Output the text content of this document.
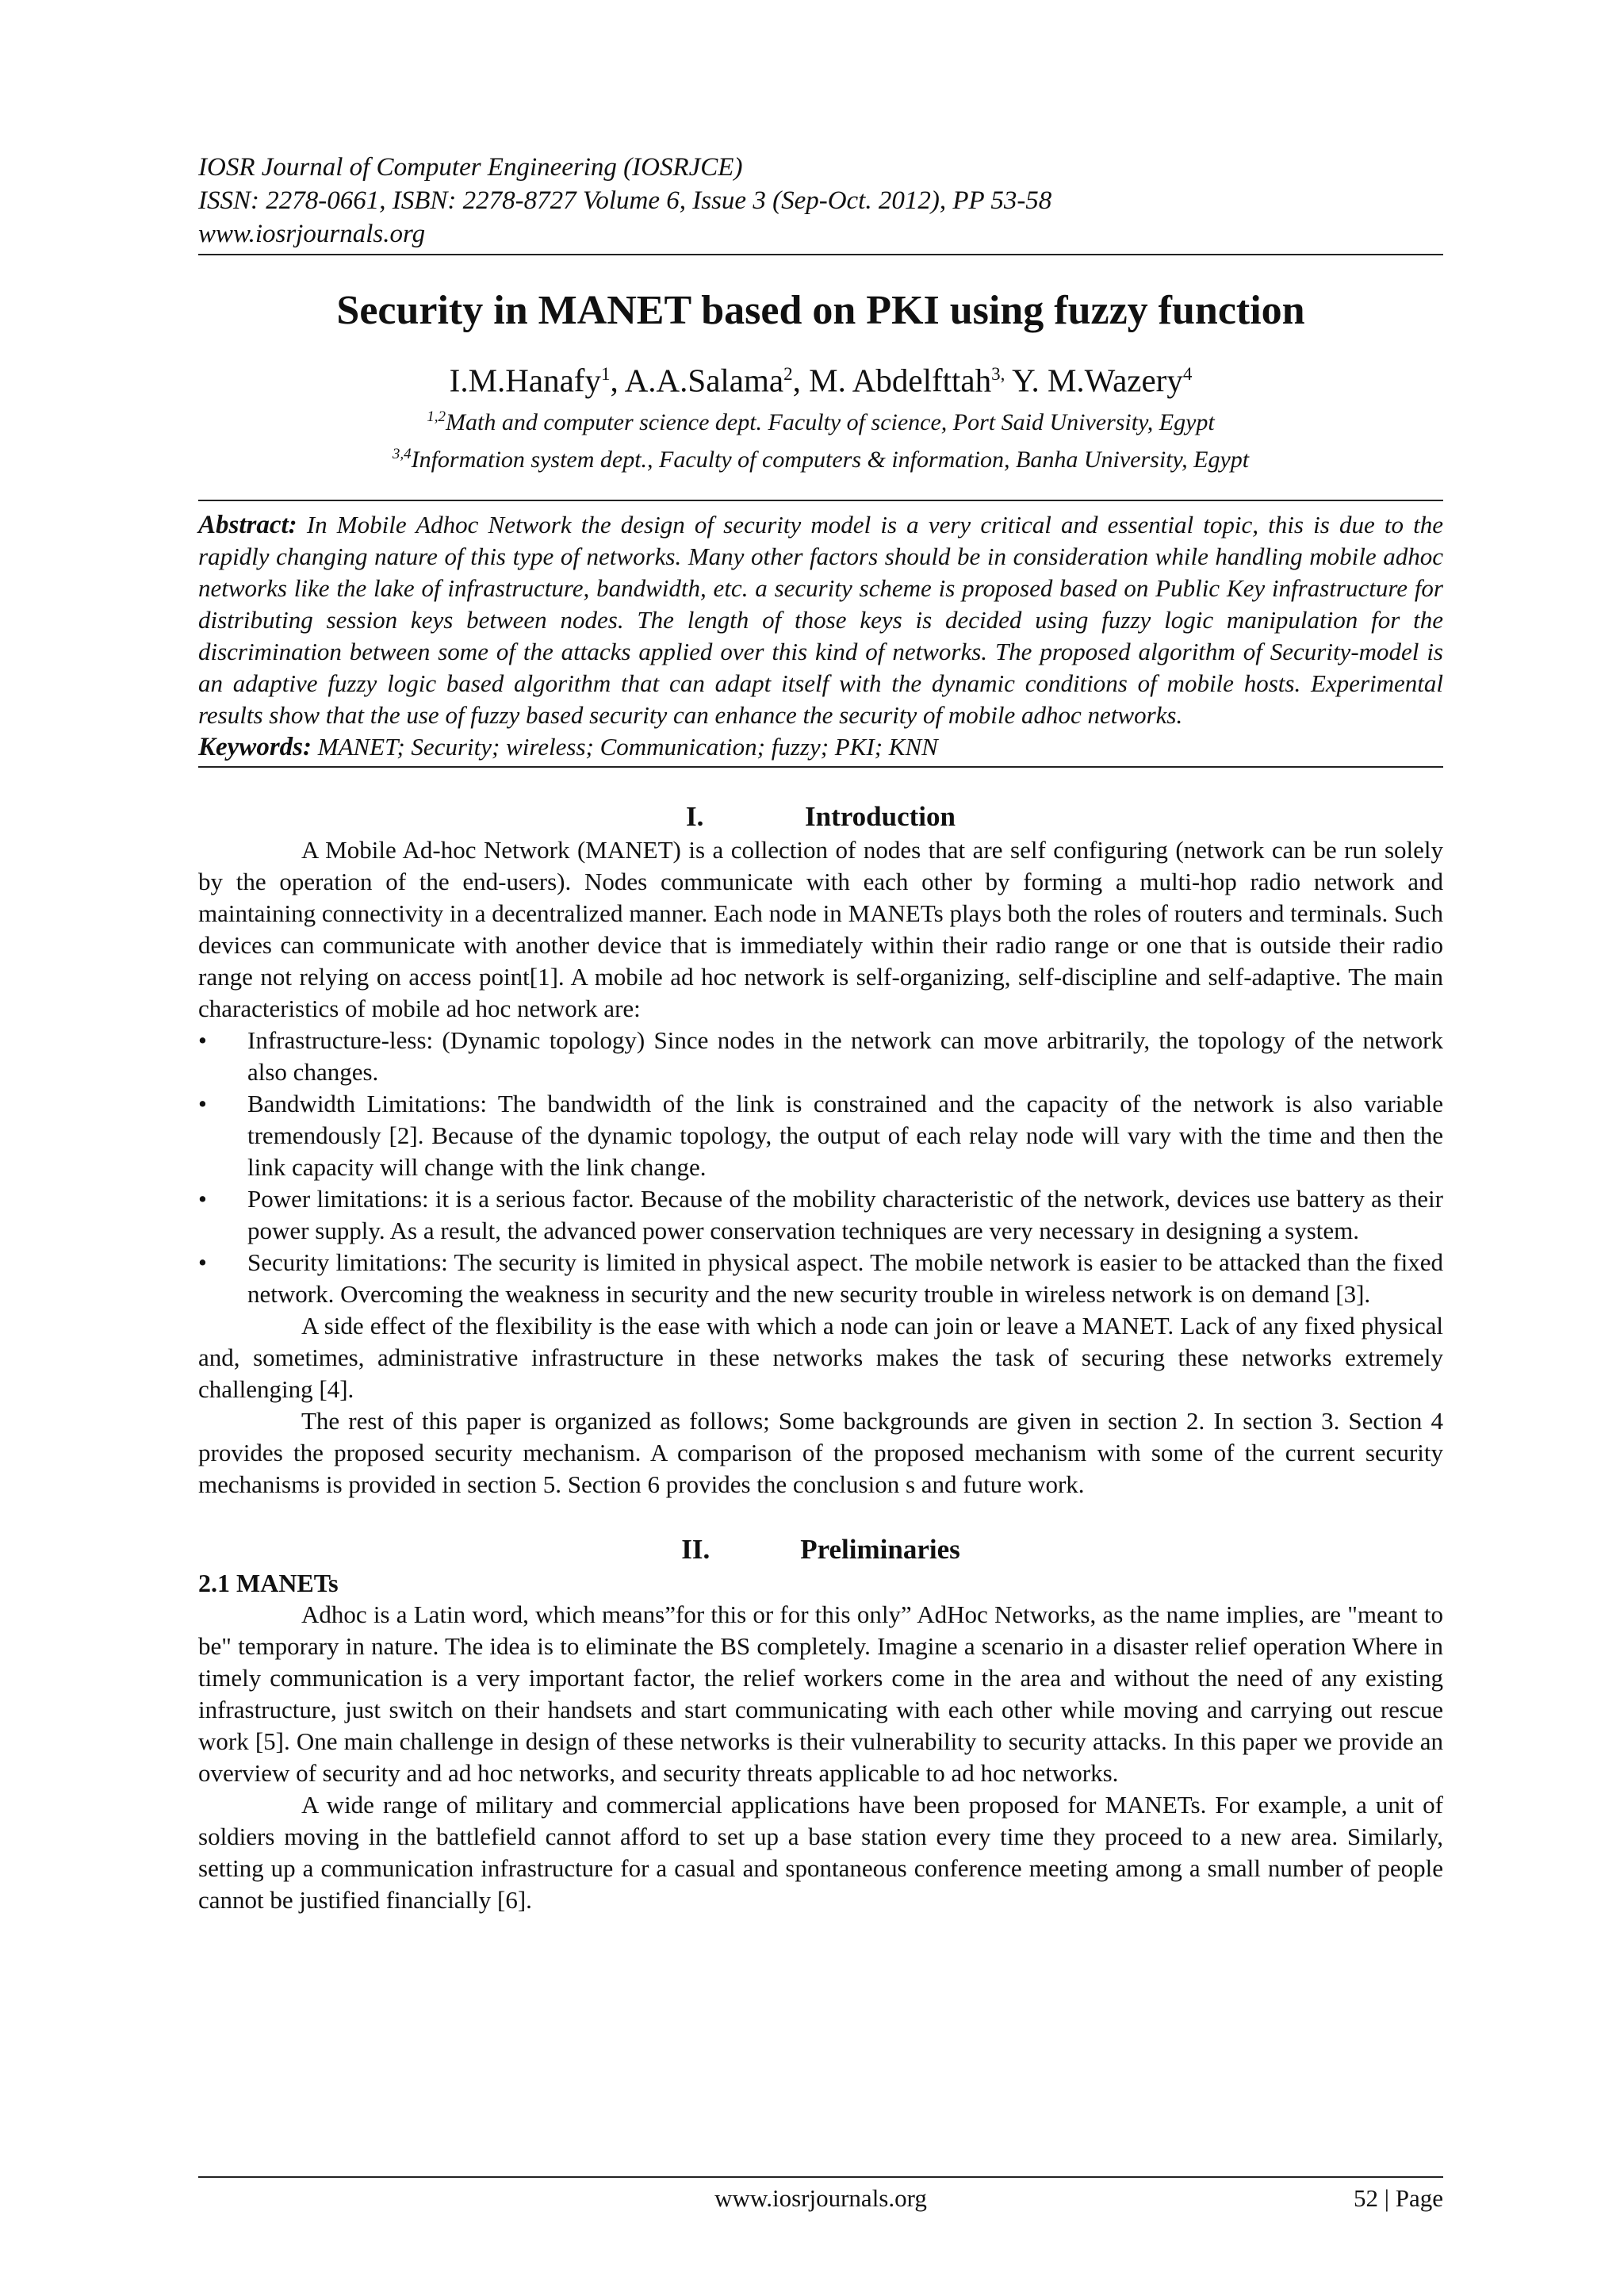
IOSR Journal of Computer Engineering (IOSRJCE)
ISSN: 2278-0661, ISBN: 2278-8727 Volume 6, Issue 3 (Sep-Oct. 2012), PP 53-58
www.iosrjournals.org
Security in MANET based on PKI using fuzzy function
I.M.Hanafy$^1$, A.A.Salama$^2$, M. Abdelfttah$^{3,}$ Y. M.Wazery$^4$
$^{1,2}$Math and computer science dept. Faculty of science, Port Said University, Egypt
$^{3,4}$Information system dept., Faculty of computers & information, Banha University, Egypt

Abstract: In Mobile Adhoc Network the design of security model is a very critical and essential topic, this is due to the rapidly changing nature of this type of networks. Many other factors should be in consideration while handling mobile adhoc networks like the lake of infrastructure, bandwidth, etc. a security scheme is proposed based on Public Key infrastructure for distributing session keys between nodes. The length of those keys is decided using fuzzy logic manipulation for the discrimination between some of the attacks applied over this kind of networks. The proposed algorithm of Security-model is an adaptive fuzzy logic based algorithm that can adapt itself with the dynamic conditions of mobile hosts. Experimental results show that the use of fuzzy based security can enhance the security of mobile adhoc networks.

Keywords: MANET; Security; wireless; Communication; fuzzy; PKI; KNN

I.	Introduction

A Mobile Ad-hoc Network (MANET) is a collection of nodes that are self configuring (network can be run solely by the operation of the end-users). Nodes communicate with each other by forming a multi-hop radio network and maintaining connectivity in a decentralized manner. Each node in MANETs plays both the roles of routers and terminals. Such devices can communicate with another device that is immediately within their radio range or one that is outside their radio range not relying on access point[1]. A mobile ad hoc network is self-organizing, self-discipline and self-adaptive. The main characteristics of mobile ad hoc network are:

• Infrastructure-less: (Dynamic topology) Since nodes in the network can move arbitrarily, the topology of the network also changes.
• Bandwidth Limitations: The bandwidth of the link is constrained and the capacity of the network is also variable tremendously [2]. Because of the dynamic topology, the output of each relay node will vary with the time and then the link capacity will change with the link change.
• Power limitations: it is a serious factor. Because of the mobility characteristic of the network, devices use battery as their power supply. As a result, the advanced power conservation techniques are very necessary in designing a system.
• Security limitations: The security is limited in physical aspect. The mobile network is easier to be attacked than the fixed network. Overcoming the weakness in security and the new security trouble in wireless network is on demand [3].

A side effect of the flexibility is the ease with which a node can join or leave a MANET. Lack of any fixed physical and, sometimes, administrative infrastructure in these networks makes the task of securing these networks extremely challenging [4].

The rest of this paper is organized as follows; Some backgrounds are given in section 2. In section 3. Section 4 provides the proposed security mechanism. A comparison of the proposed mechanism with some of the current security mechanisms is provided in section 5. Section 6 provides the conclusion s and future work.

II.	Preliminaries
2.1 MANETs

Adhoc is a Latin word, which means”for this or for this only” AdHoc Networks, as the name implies, are "meant to be" temporary in nature. The idea is to eliminate the BS completely. Imagine a scenario in a disaster relief operation Where in timely communication is a very important factor, the relief workers come in the area and without the need of any existing infrastructure, just switch on their handsets and start communicating with each other while moving and carrying out rescue work [5]. One main challenge in design of these networks is their vulnerability to security attacks. In this paper we provide an overview of security and ad hoc networks, and security threats applicable to ad hoc networks.

A wide range of military and commercial applications have been proposed for MANETs. For example, a unit of soldiers moving in the battlefield cannot afford to set up a base station every time they proceed to a new area. Similarly, setting up a communication infrastructure for a casual and spontaneous conference meeting among a small number of people cannot be justified financially [6].

www.iosrjournals.org	52 | Page
